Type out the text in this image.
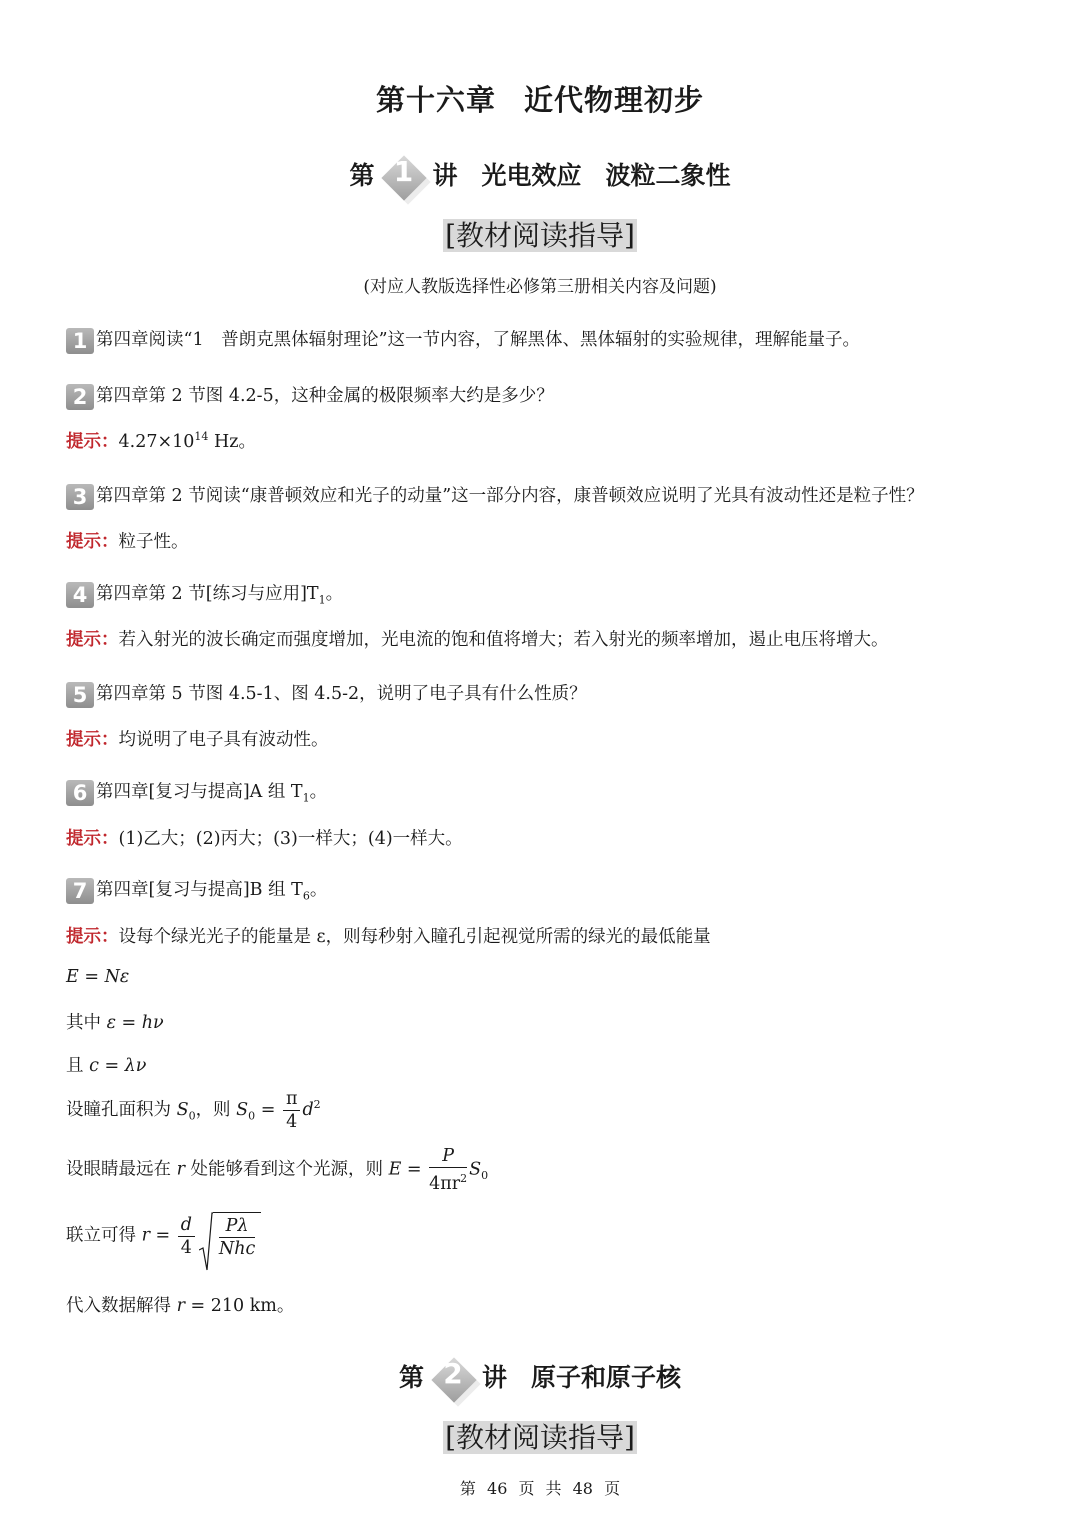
第十六章 近代物理初步
第 1 讲 光电效应 波粒二象性
[教材阅读指导]
(对应人教版选择性必修第三册相关内容及问题)
1 第四章阅读“1　普朗克黑体辐射理论”这一节内容，了解黑体、黑体辐射的实验规律，理解能量子。
2 第四章第 2 节图 4.2-5，这种金属的极限频率大约是多少？
提示：$4.27\times 10^{14}$ Hz。
3 第四章第 2 节阅读“康普顿效应和光子的动量”这一部分内容，康普顿效应说明了光具有波动性还是粒子性？
提示：粒子性。
4 第四章第 2 节[练习与应用]$T_1$。
提示：若入射光的波长确定而强度增加，光电流的饱和值将增大；若入射光的频率增加，遏止电压将增大。
5 第四章第 5 节图 4.5-1、图 4.5-2，说明了电子具有什么性质？
提示：均说明了电子具有波动性。
6 第四章[复习与提高]A 组 $T_1$。
提示：(1)乙大；(2)丙大；(3)一样大；(4)一样大。
7 第四章[复习与提高]B 组 $T_6$。
提示：设每个绿光光子的能量是 ε，则每秒射入瞳孔引起视觉所需的绿光的最低能量
E = Nε
其中 ε = hν
且 c = λν
设瞳孔面积为 $S_0$，则 $S_0 = \frac{\pi}{4} d^2$
设眼睛最远在 r 处能够看到这个光源，则 $E = \frac{P}{4\pi r^2} S_0$
联立可得 $r = \frac{d}{4} \frac{P\lambda}{\text{Nhc}}$
代入数据解得 r = 210 km。
第 2 讲 原子和原子核
[教材阅读指导]
第 46 页 共 48 页
